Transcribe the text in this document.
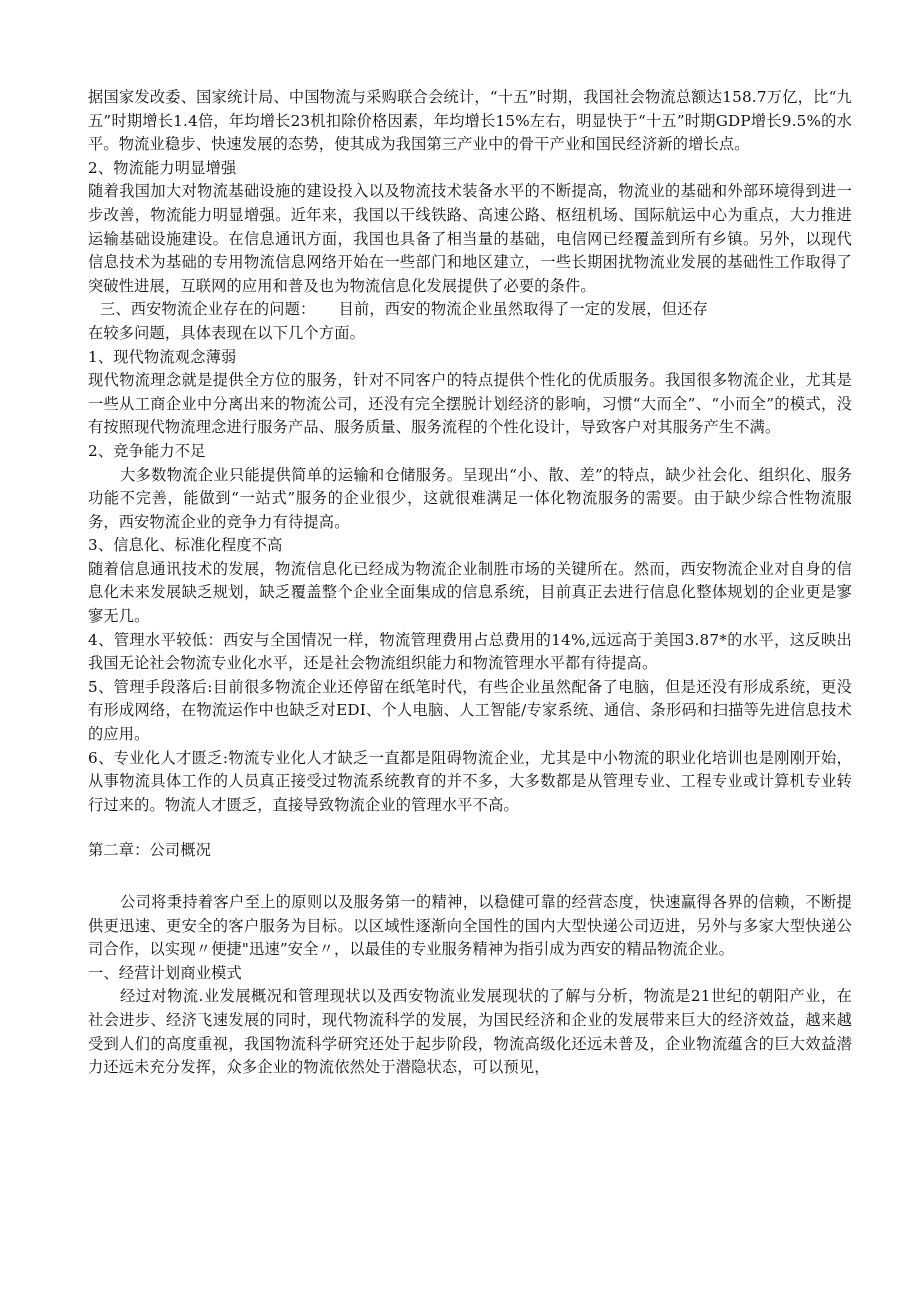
据国家发改委、国家统计局、中国物流与采购联合会统计，“十五”时期，我国社会物流总额达158.7万亿，比“九五”时期增长1.4倍，年均增长23机扣除价格因素，年均增长15%左右，明显快于“十五”时期GDP增长9.5%的水平。物流业稳步、快速发展的态势，使其成为我国第三产业中的骨干产业和国民经济新的增长点。

2、物流能力明显增强

随着我国加大对物流基础设施的建设投入以及物流技术装备水平的不断提高，物流业的基础和外部环境得到进一步改善，物流能力明显增强。近年来，我国以干线铁路、高速公路、枢纽机场、国际航运中心为重点，大力推进运输基础设施建设。在信息通讯方面，我国也具备了相当量的基础，电信网已经覆盖到所有乡镇。另外，以现代信息技术为基础的专用物流信息网络开始在一些部门和地区建立，一些长期困扰物流业发展的基础性工作取得了突破性进展，互联网的应用和普及也为物流信息化发展提供了必要的条件。

三、西安物流企业存在的问题：　　目前，西安的物流企业虽然取得了一定的发展，但还存

在较多问题，具体表现在以下几个方面。

1、现代物流观念薄弱

现代物流理念就是提供全方位的服务，针对不同客户的特点提供个性化的优质服务。我国很多物流企业，尤其是一些从工商企业中分离出来的物流公司，还没有完全摆脱计划经济的影响，习惯“大而全”、“小而全”的模式，没有按照现代物流理念进行服务产品、服务质量、服务流程的个性化设计，导致客户对其服务产生不满。

2、竞争能力不足

大多数物流企业只能提供简单的运输和仓储服务。呈现出“小、散、差”的特点，缺少社会化、组织化、服务功能不完善，能做到“一站式”服务的企业很少，这就很难满足一体化物流服务的需要。由于缺少综合性物流服务，西安物流企业的竞争力有待提高。

3、信息化、标准化程度不高

随着信息通讯技术的发展，物流信息化已经成为物流企业制胜市场的关键所在。然而，西安物流企业对自身的信息化未来发展缺乏规划，缺乏覆盖整个企业全面集成的信息系统，目前真正去进行信息化整体规划的企业更是寥寥无几。

4、管理水平较低：西安与全国情况一样，物流管理费用占总费用的14%,远远高于美国3.87*的水平，这反映出我国无论社会物流专业化水平，还是社会物流组织能力和物流管理水平都有待提高。

5、管理手段落后:目前很多物流企业还停留在纸笔时代，有些企业虽然配备了电脑，但是还没有形成系统，更没有形成网络，在物流运作中也缺乏对EDI、个人电脑、人工智能/专家系统、通信、条形码和扫描等先进信息技术的应用。

6、专业化人才匮乏:物流专业化人才缺乏一直都是阻碍物流企业，尤其是中小物流的职业化培训也是刚刚开始，从事物流具体工作的人员真正接受过物流系统教育的并不多，大多数都是从管理专业、工程专业或计算机专业转行过来的。物流人才匮乏，直接导致物流企业的管理水平不高。

第二章：公司概况

公司将秉持着客户至上的原则以及服务第一的精神，以稳健可靠的经营态度，快速赢得各界的信赖，不断提供更迅速、更安全的客户服务为目标。以区域性逐渐向全国性的国内大型快递公司迈进，另外与多家大型快递公司合作，以实现〃便捷"迅速”安全〃，以最佳的专业服务精神为指引成为西安的精品物流企业。

一、经营计划商业模式

经过对物流.业发展概况和管理现状以及西安物流业发展现状的了解与分析，物流是21世纪的朝阳产业，在社会进步、经济飞速发展的同时，现代物流科学的发展，为国民经济和企业的发展带来巨大的经济效益，越来越受到人们的高度重视，我国物流科学研究还处于起步阶段，物流高级化还远未普及，企业物流蕴含的巨大效益潜力还远未充分发挥，众多企业的物流依然处于潜隐状态，可以预见，
